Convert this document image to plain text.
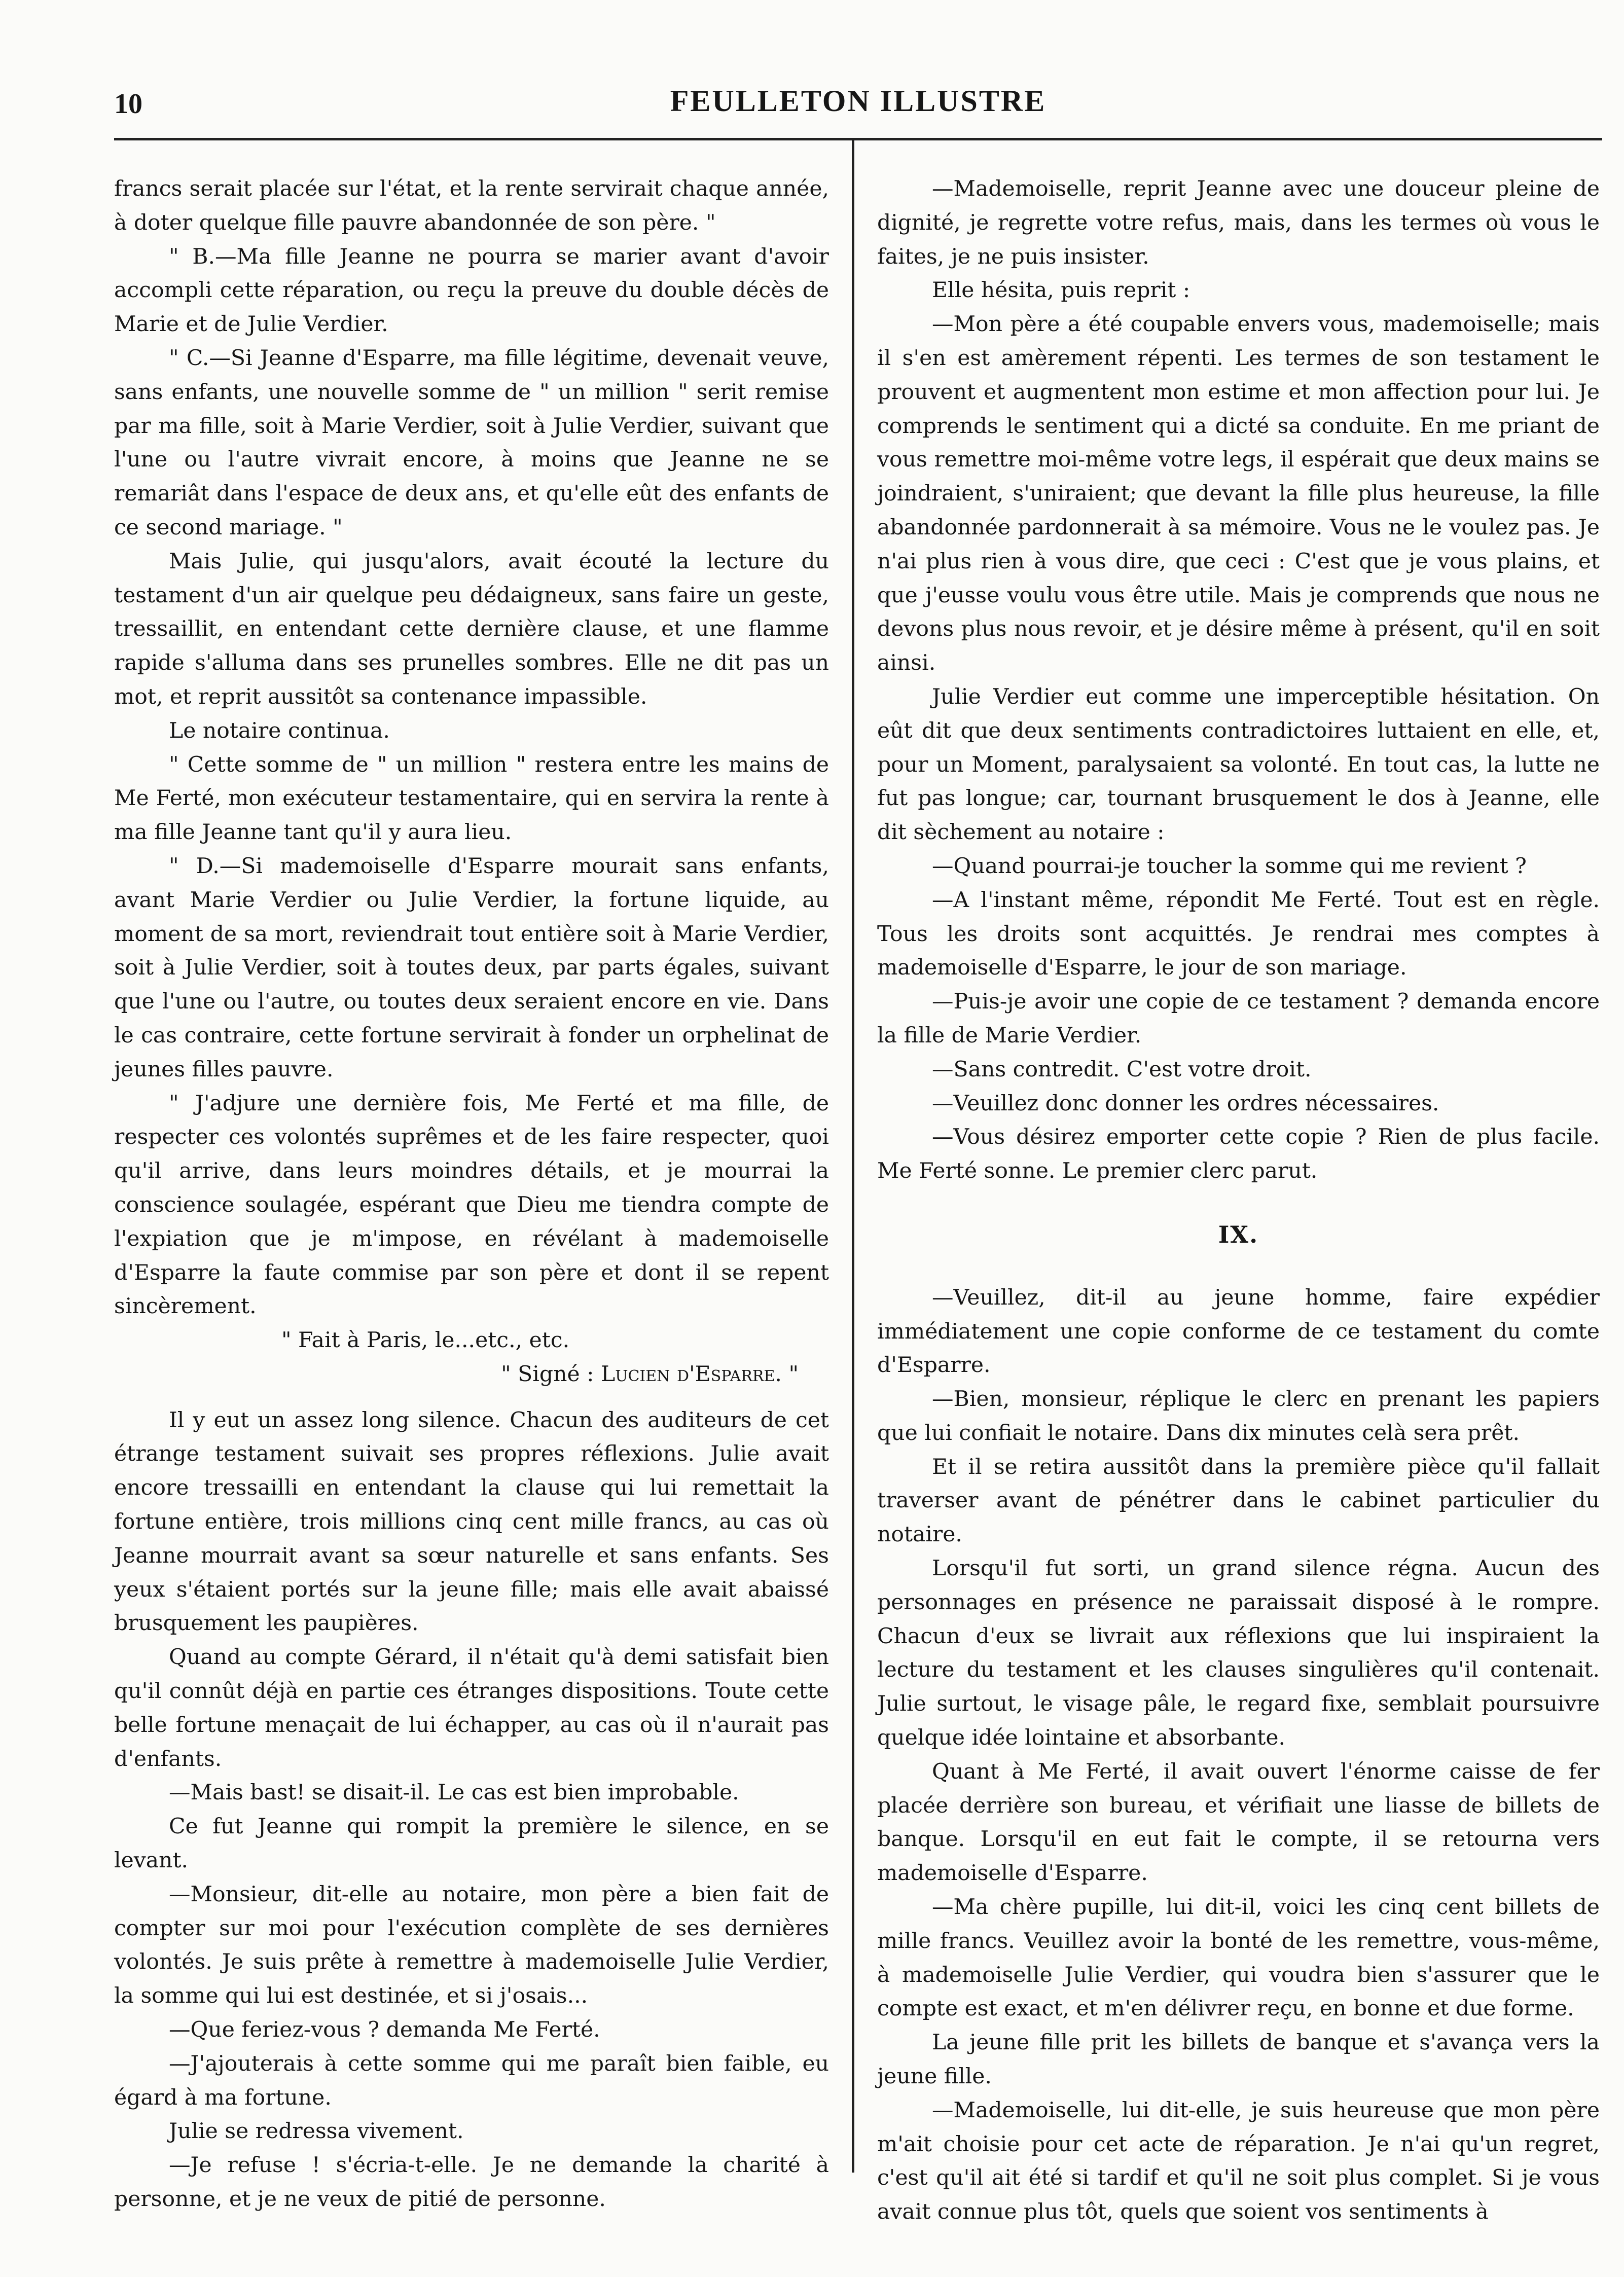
10	FEULLETON ILLUSTRE

francs serait placée sur l'état, et la rente servirait chaque année, à doter quelque fille pauvre abandonnée de son père. "

" B.—Ma fille Jeanne ne pourra se marier avant d'avoir accompli cette réparation, ou reçu la preuve du double décès de Marie et de Julie Verdier.

" C.—Si Jeanne d'Esparre, ma fille légitime, devenait veuve, sans enfants, une nouvelle somme de " un million " serit remise par ma fille, soit à Marie Verdier, soit à Julie Verdier, suivant que l'une ou l'autre vivrait encore, à moins que Jeanne ne se remariât dans l'espace de deux ans, et qu'elle eût des enfants de ce second mariage. "

Mais Julie, qui jusqu'alors, avait écouté la lecture du testament d'un air quelque peu dédaigneux, sans faire un geste, tressaillit, en entendant cette dernière clause, et une flamme rapide s'alluma dans ses prunelles sombres. Elle ne dit pas un mot, et reprit aussitôt sa contenance impassible.

Le notaire continua.

" Cette somme de " un million " restera entre les mains de Me Ferté, mon exécuteur testamentaire, qui en servira la rente à ma fille Jeanne tant qu'il y aura lieu.

" D.—Si mademoiselle d'Esparre mourait sans enfants, avant Marie Verdier ou Julie Verdier, la fortune liquide, au moment de sa mort, reviendrait tout entière soit à Marie Verdier, soit à Julie Verdier, soit à toutes deux, par parts égales, suivant que l'une ou l'autre, ou toutes deux seraient encore en vie. Dans le cas contraire, cette fortune servirait à fonder un orphelinat de jeunes filles pauvre.

" J'adjure une dernière fois, Me Ferté et ma fille, de respecter ces volontés suprêmes et de les faire respecter, quoi qu'il arrive, dans leurs moindres détails, et je mourrai la conscience soulagée, espérant que Dieu me tiendra compte de l'expiation que je m'impose, en révélant à mademoiselle d'Esparre la faute commise par son père et dont il se repent sincèrement.

" Fait à Paris, le...etc., etc.

" Signé : Lucien d'Esparre. "

Il y eut un assez long silence. Chacun des auditeurs de cet étrange testament suivait ses propres réflexions. Julie avait encore tressailli en entendant la clause qui lui remettait la fortune entière, trois millions cinq cent mille francs, au cas où Jeanne mourrait avant sa sœur naturelle et sans enfants. Ses yeux s'étaient portés sur la jeune fille; mais elle avait abaissé brusquement les paupières.

Quand au compte Gérard, il n'était qu'à demi satisfait bien qu'il connût déjà en partie ces étranges dispositions. Toute cette belle fortune menaçait de lui échapper, au cas où il n'aurait pas d'enfants.

—Mais bast! se disait-il. Le cas est bien improbable.

Ce fut Jeanne qui rompit la première le silence, en se levant.

—Monsieur, dit-elle au notaire, mon père a bien fait de compter sur moi pour l'exécution complète de ses dernières volontés. Je suis prête à remettre à mademoiselle Julie Verdier, la somme qui lui est destinée, et si j'osais...

—Que feriez-vous ? demanda Me Ferté.

—J'ajouterais à cette somme qui me paraît bien faible, eu égard à ma fortune.

Julie se redressa vivement.

—Je refuse ! s'écria-t-elle. Je ne demande la charité à personne, et je ne veux de pitié de personne.

—Mademoiselle, reprit Jeanne avec une douceur pleine de dignité, je regrette votre refus, mais, dans les termes où vous le faites, je ne puis insister.

Elle hésita, puis reprit :

—Mon père a été coupable envers vous, mademoiselle; mais il s'en est amèrement répenti. Les termes de son testament le prouvent et augmentent mon estime et mon affection pour lui. Je comprends le sentiment qui a dicté sa conduite. En me priant de vous remettre moi-même votre legs, il espérait que deux mains se joindraient, s'uniraient; que devant la fille plus heureuse, la fille abandonnée pardonnerait à sa mémoire. Vous ne le voulez pas. Je n'ai plus rien à vous dire, que ceci : C'est que je vous plains, et que j'eusse voulu vous être utile. Mais je comprends que nous ne devons plus nous revoir, et je désire même à présent, qu'il en soit ainsi.

Julie Verdier eut comme une imperceptible hésitation. On eût dit que deux sentiments contradictoires luttaient en elle, et, pour un Moment, paralysaient sa volonté. En tout cas, la lutte ne fut pas longue; car, tournant brusquement le dos à Jeanne, elle dit sèchement au notaire :

—Quand pourrai-je toucher la somme qui me revient ?

—A l'instant même, répondit Me Ferté. Tout est en règle. Tous les droits sont acquittés. Je rendrai mes comptes à mademoiselle d'Esparre, le jour de son mariage.

—Puis-je avoir une copie de ce testament ? demanda encore la fille de Marie Verdier.

—Sans contredit. C'est votre droit.

—Veuillez donc donner les ordres nécessaires.

—Vous désirez emporter cette copie ? Rien de plus facile. Me Ferté sonne. Le premier clerc parut.

IX.

—Veuillez, dit-il au jeune homme, faire expédier immédiatement une copie conforme de ce testament du comte d'Esparre.

—Bien, monsieur, réplique le clerc en prenant les papiers que lui confiait le notaire. Dans dix minutes celà sera prêt.

Et il se retira aussitôt dans la première pièce qu'il fallait traverser avant de pénétrer dans le cabinet particulier du notaire.

Lorsqu'il fut sorti, un grand silence régna. Aucun des personnages en présence ne paraissait disposé à le rompre. Chacun d'eux se livrait aux réflexions que lui inspiraient la lecture du testament et les clauses singulières qu'il contenait. Julie surtout, le visage pâle, le regard fixe, semblait poursuivre quelque idée lointaine et absorbante.

Quant à Me Ferté, il avait ouvert l'énorme caisse de fer placée derrière son bureau, et vérifiait une liasse de billets de banque. Lorsqu'il en eut fait le compte, il se retourna vers mademoiselle d'Esparre.

—Ma chère pupille, lui dit-il, voici les cinq cent billets de mille francs. Veuillez avoir la bonté de les remettre, vous-même, à mademoiselle Julie Verdier, qui voudra bien s'assurer que le compte est exact, et m'en délivrer reçu, en bonne et due forme.

La jeune fille prit les billets de banque et s'avança vers la jeune fille.

—Mademoiselle, lui dit-elle, je suis heureuse que mon père m'ait choisie pour cet acte de réparation. Je n'ai qu'un regret, c'est qu'il ait été si tardif et qu'il ne soit plus complet. Si je vous avait connue plus tôt, quels que soient vos sentiments à
